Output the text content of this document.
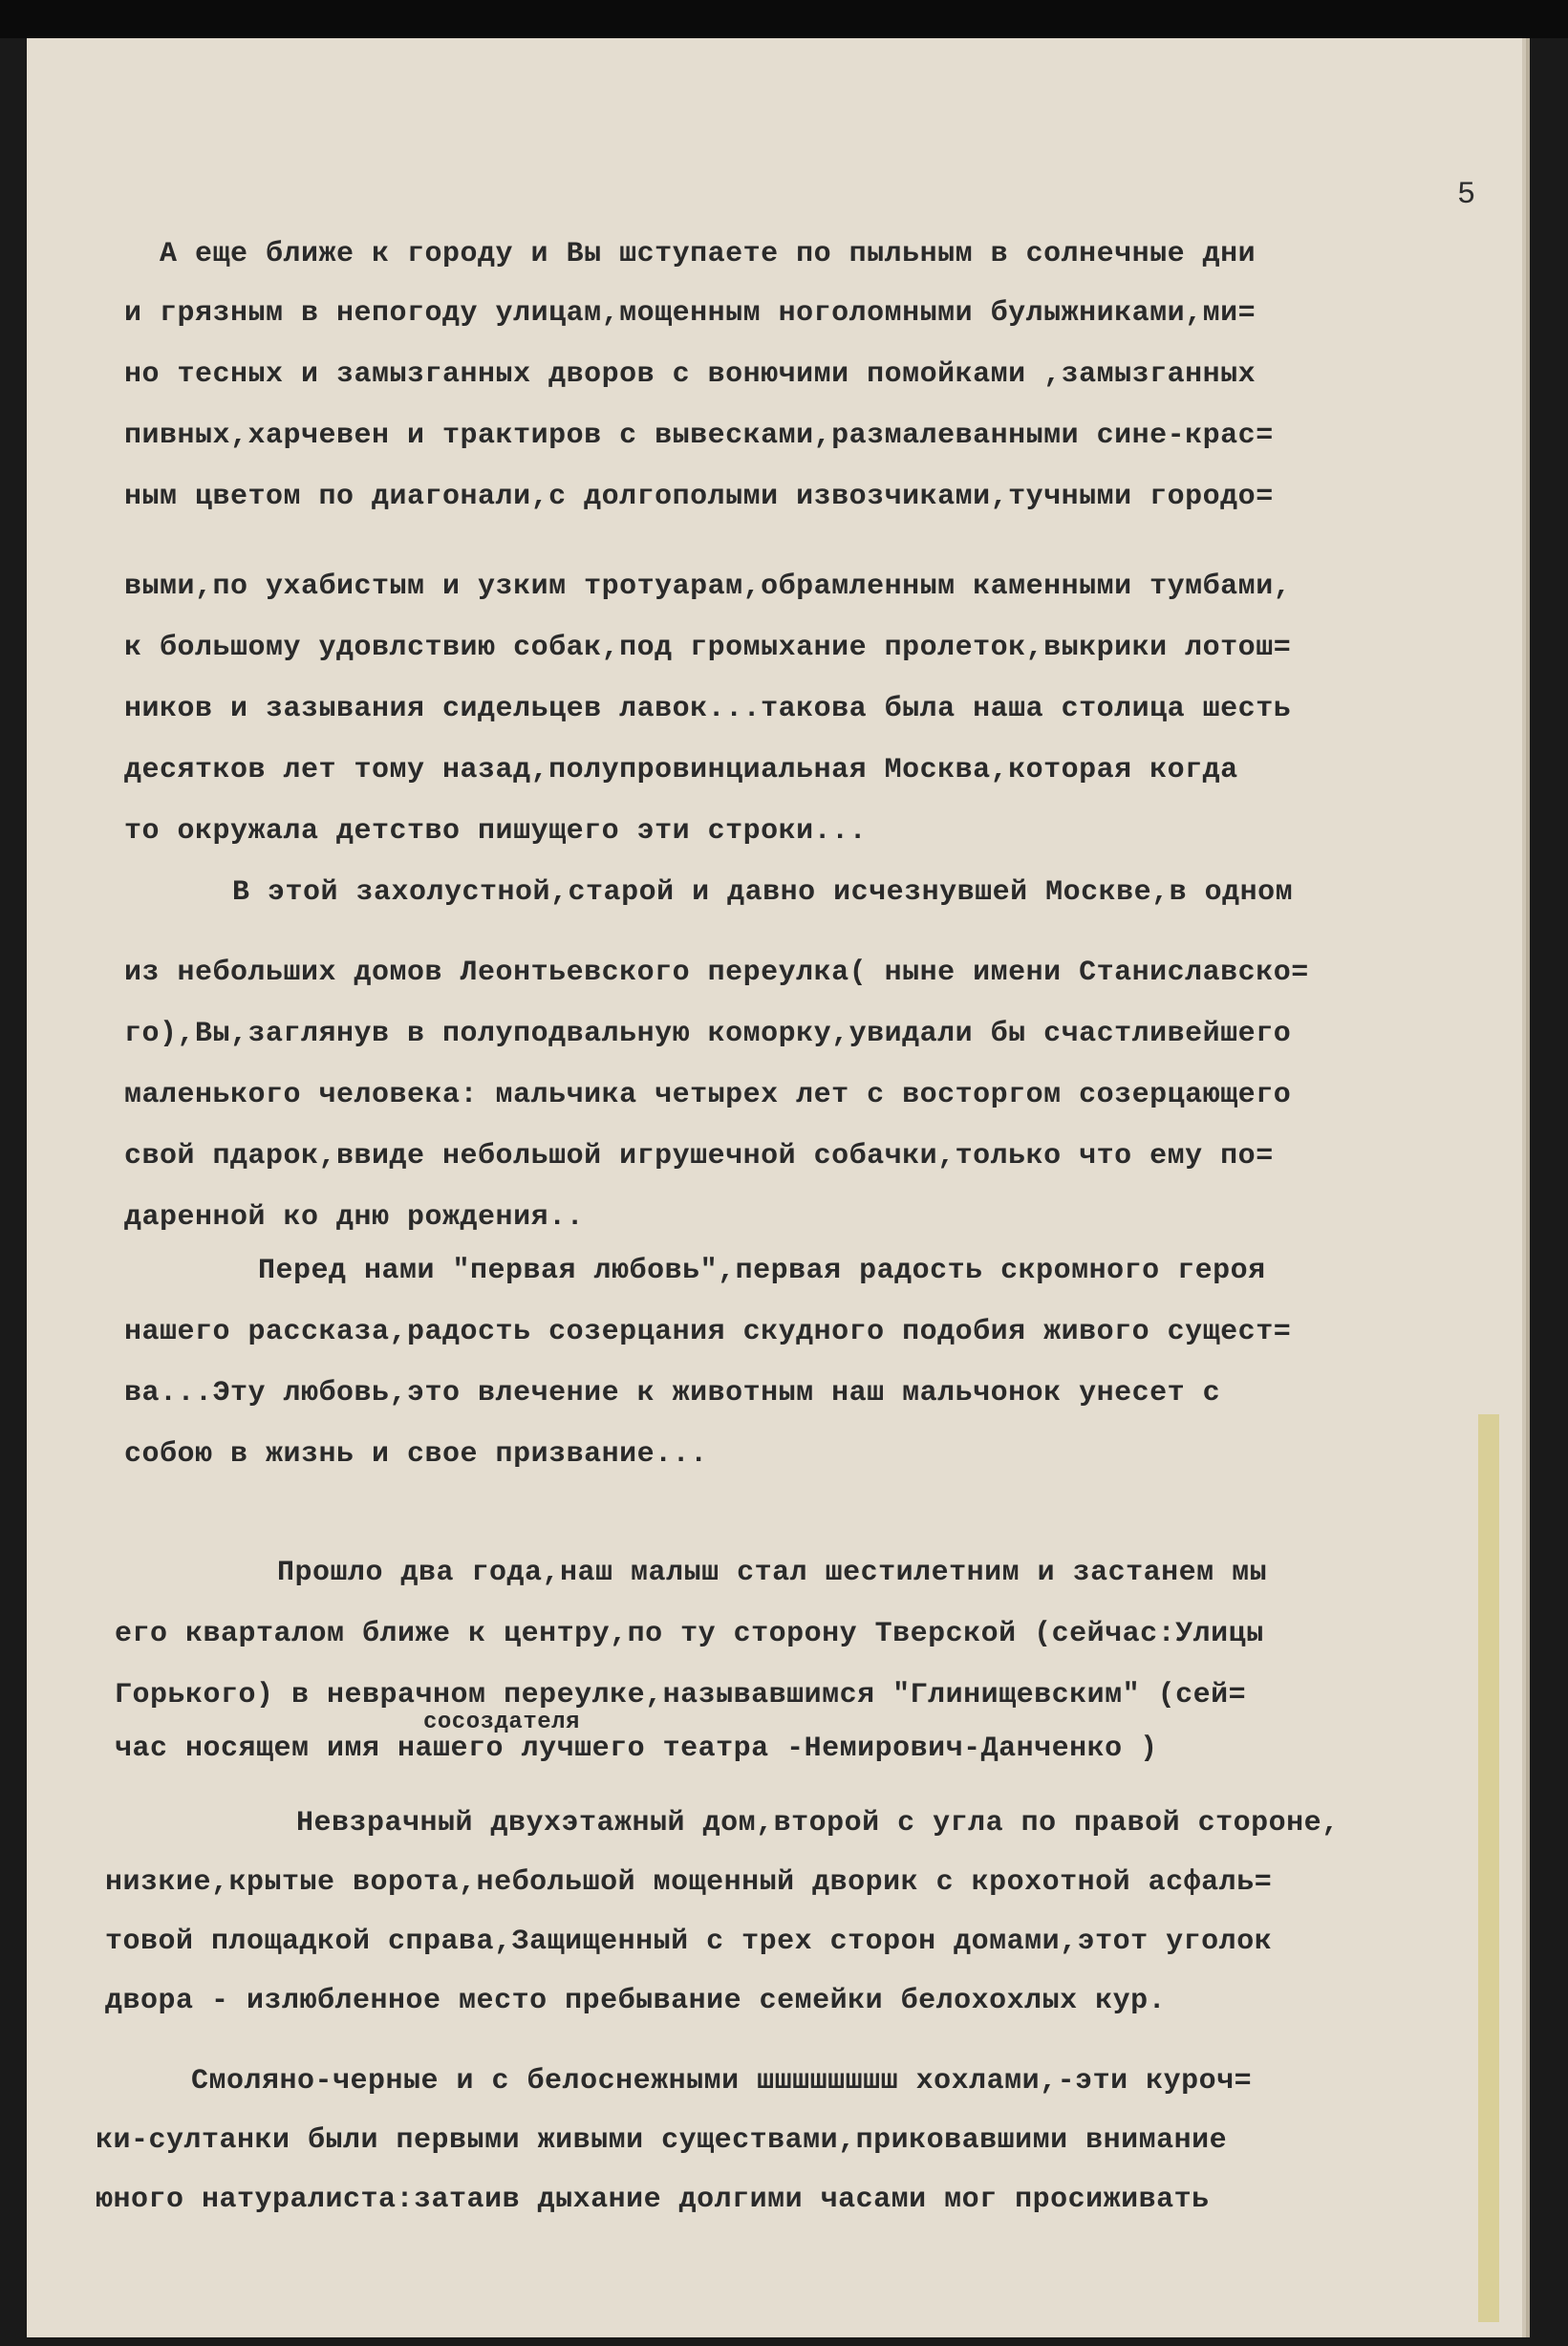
5
А еще ближе к городу и Вы шступаете по пыльным в солнечные дни
и грязным в непогоду улицам,мощенным ноголомными булыжниками,ми=
но тесных и замызганных дворов с вонючими помойками ,замызганных
пивных,харчевен и трактиров с вывесками,размалеванными сине-крас=
ным цветом по диагонали,с долгополыми извозчиками,тучными городо=
выми,по ухабистым и узким тротуарам,обрамленным каменными тумбами,
к большому удовлствию собак,под громыхание пролеток,выкрики лотош=
ников и зазывания сидельцев лавок...такова была наша столица шесть
десятков лет тому назад,полупровинциальная Москва,которая когда
то окружала детство пишущего эти строки...
В этой захолустной,старой и давно исчезнувшей Москве,в одном
из небольших домов Леонтьевского переулка( ныне имени Станиславско=
го),Вы,заглянув в полуподвальную коморку,увидали бы счастливейшего
маленького человека: мальчика четырех лет с восторгом созерцающего
свой пдарок,ввиде небольшой игрушечной собачки,только что ему по=
даренной ко дню рождения..
Перед нами "первая любовь",первая радость скромного героя
нашего рассказа,радость созерцания скудного подобия живого сущест=
ва...Эту любовь,это влечение к животным наш мальчонок унесет с
собою в жизнь и свое призвание...
Прошло два года,наш малыш стал шестилетним и застанем мы
его кварталом ближе к центру,по ту сторону Тверской (сейчас:Улицы
Горького) в неврачном переулке,называвшимся "Глинищевским" (сей=
сосоздателя
час носящем имя нашего лучшего театра -Немирович-Данченко )
Невзрачный двухэтажный дом,второй с угла по правой стороне,
низкие,крытые ворота,небольшой мощенный дворик с крохотной асфаль=
товой площадкой справа,Защищенный с трех сторон домами,этот уголок
двора - излюбленное место пребывание семейки белохохлых кур.
Смоляно-черные и с белоснежными шшшшшшшш хохлами,-эти куроч=
ки-султанки были первыми живыми существами,приковавшими внимание
юного натуралиста:затаив дыхание долгими часами мог просиживать
